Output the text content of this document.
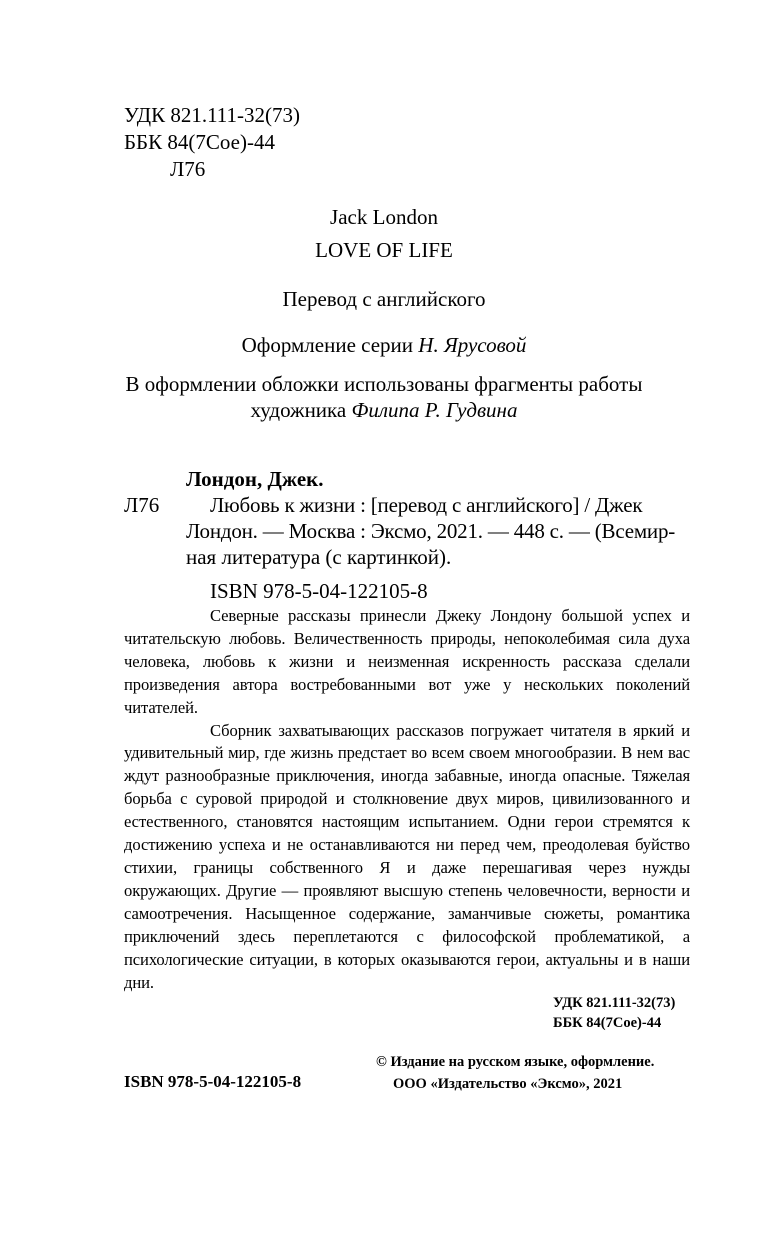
УДК 821.111-32(73)
ББК 84(7Сое)-44
Л76
Jack London
LOVE OF LIFE
Перевод с английского
Оформление серии Н. Ярусовой
В оформлении обложки использованы фрагменты работы
художника Филипа Р. Гудвина
Лондон, Джек.
Л76 Любовь к жизни : [перевод с английского] / Джек
Лондон. — Москва : Эксмо, 2021. — 448 с. — (Всемир-
ная литература (с картинкой).
ISBN 978-5-04-122105-8

Северные рассказы принесли Джеку Лондону большой успех и читательскую любовь. Величественность природы, непоколебимая сила духа человека, любовь к жизни и неизменная искренность рассказа сделали произведения автора востребованными вот уже у нескольких поколений читателей.

Сборник захватывающих рассказов погружает читателя в яркий и удивительный мир, где жизнь предстает во всем своем многообразии. В нем вас ждут разнообразные приключения, иногда забавные, иногда опасные. Тяжелая борьба с суровой природой и столкновение двух миров, цивилизованного и естественного, становятся настоящим испытанием. Одни герои стремятся к достижению успеха и не останавливаются ни перед чем, преодолевая буйство стихии, границы собственного Я и даже перешагивая через нужды окружающих. Другие — проявляют высшую степень человечности, верности и самоотречения. Насыщенное содержание, заманчивые сюжеты, романтика приключений здесь переплетаются с философской проблематикой, а психологические ситуации, в которых оказываются герои, актуальны и в наши дни.

УДК 821.111-32(73)
ББК 84(7Сое)-44
ISBN 978-5-04-122105-8
© Издание на русском языке, оформление.
ООО «Издательство «Эксмо», 2021
